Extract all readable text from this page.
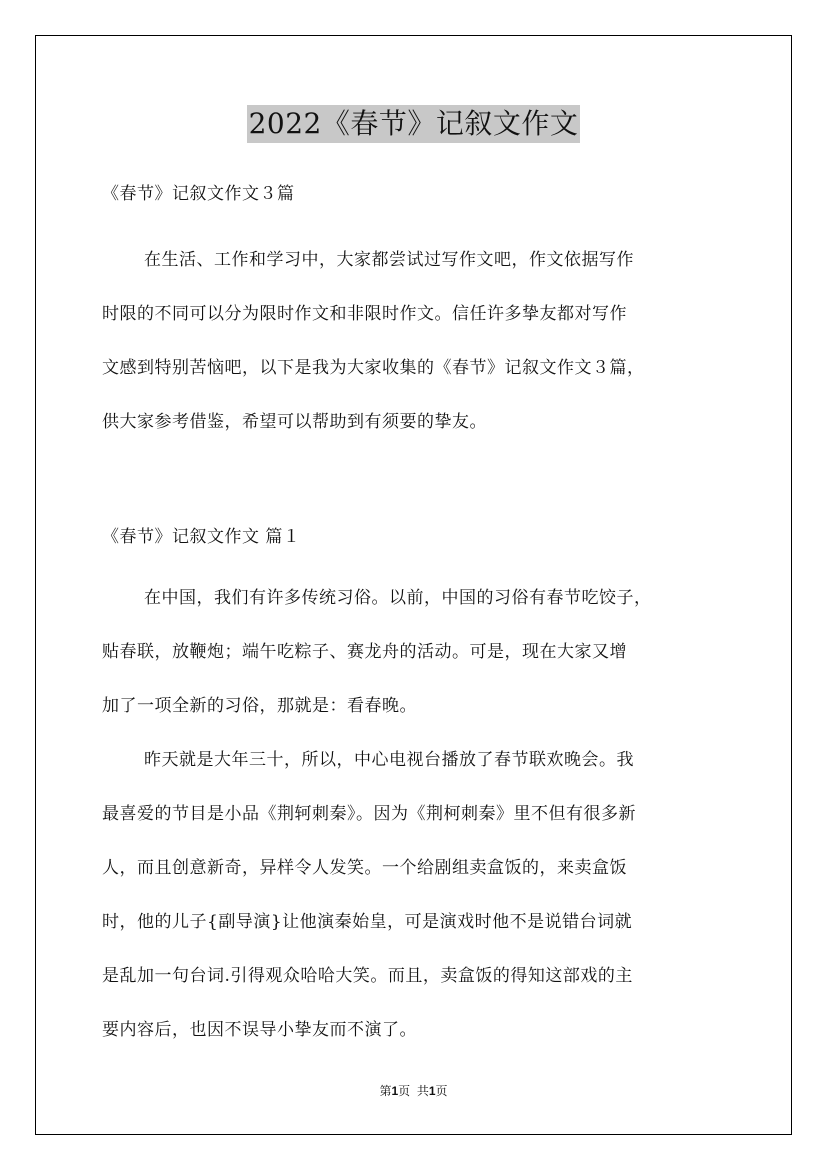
2022《春节》记叙文作文

《春节》记叙文作文３篇

在生活、工作和学习中，大家都尝试过写作文吧，作文依据写作
时限的不同可以分为限时作文和非限时作文。信任许多挚友都对写作
文感到特别苦恼吧，以下是我为大家收集的《春节》记叙文作文３篇，
供大家参考借鉴，希望可以帮助到有须要的挚友。

《春节》记叙文作文 篇１

在中国，我们有许多传统习俗。以前，中国的习俗有春节吃饺子，
贴春联，放鞭炮；端午吃粽子、赛龙舟的活动。可是，现在大家又增
加了一项全新的习俗，那就是：看春晚。

昨天就是大年三十，所以，中心电视台播放了春节联欢晚会。我
最喜爱的节目是小品《荆轲刺秦》。因为《荆柯刺秦》里不但有很多新
人，而且创意新奇，异样令人发笑。一个给剧组卖盒饭的，来卖盒饭
时，他的儿子{副导演}让他演秦始皇，可是演戏时他不是说错台词就
是乱加一句台词.引得观众哈哈大笑。而且，卖盒饭的得知这部戏的主
要内容后，也因不误导小挚友而不演了。

第1页 共1页
